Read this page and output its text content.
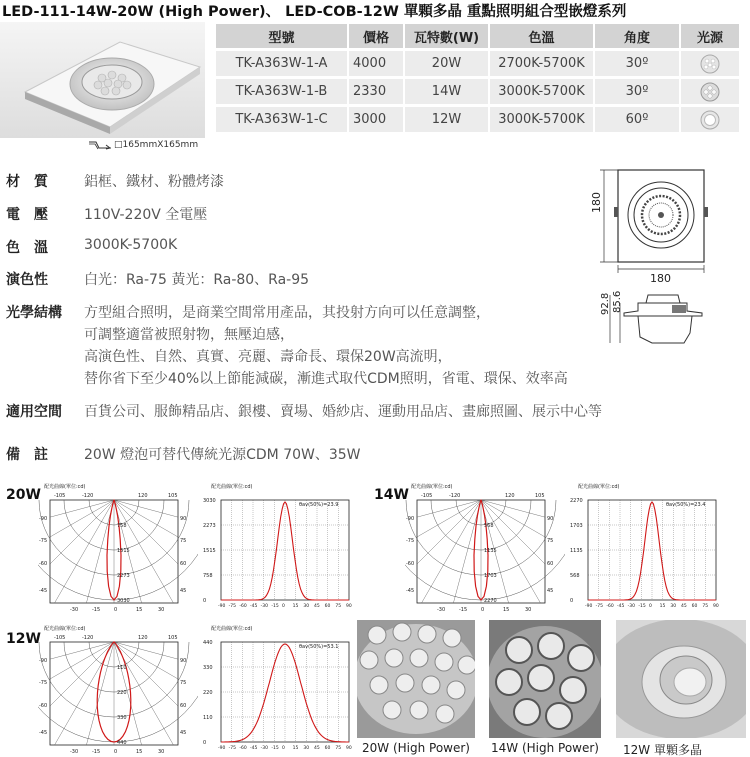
LED-111-14W-20W (High Power)、 LED-COB-12W 單顆多晶 重點照明組合型嵌燈系列
□165mmX165mm
型號	價格	瓦特數(W)	色溫	角度	光源
TK-A363W-1-A	4000	20W	2700K-5700K	30º	
TK-A363W-1-B	2330	14W	3000K-5700K	30º	
TK-A363W-1-C	3000	12W	3000K-5700K	60º	
材　質	鋁框、鐵材、粉體烤漆
電　壓	110V-220V 全電壓
色　溫	3000K-5700K
演色性	白光：Ra-75 黃光：Ra-80、Ra-95
光學結構	方型組合照明，是商業空間常用產品，其投射方向可以任意調整，
可調整適當被照射物，無壓迫感，
高演色性、自然、真實、亮麗、壽命長、環保20W高流明，
替你省下至少40%以上節能減碳，漸進式取代CDM照明，省電、環保、效率高
適用空間	百貨公司、服飾精品店、銀樓、賣場、婚紗店、運動用品店、畫廊照圖、展示中心等
備　註	20W 燈泡可替代傳統光源CDM 70W、35W
180
180
92.8 85.6
20W	14W
12W
配光曲線(單位:cd)
758
1515
2273
3030
-105	-120	120	105
-90
-75
-60
-45
90
75
60
45
-30	-15	0	15	30
配光曲線(單位:cd)
3030
2273
1515
758
0
-90 -75 -60 -45 -30 -15 0 15 30 45 60 75 90
θav(50%)=23.9
配光曲線(單位:cd)
568
1135
1703
2270
-105	-120	120	105
-90
-75
-60
-45
90
75
60
45
-30	-15	0	15	30
配光曲線(單位:cd)
2270
1703
1135
568
0
-90 -75 -60 -45 -30 -15 0 15 30 45 60 75 90
θav(50%)=23.4
配光曲線(單位:cd)
110
220
330
440
-105	-120	120	105
-90
-75
-60
-45
90
75
60
45
-30	-15	0	15	30
配光曲線(單位:cd)
440
330
220
110
0
-90 -75 -60 -45 -30 -15 0 15 30 45 60 75 90
θav(50%)=53.1
20W (High Power) 14W (High Power) 12W 單顆多晶
